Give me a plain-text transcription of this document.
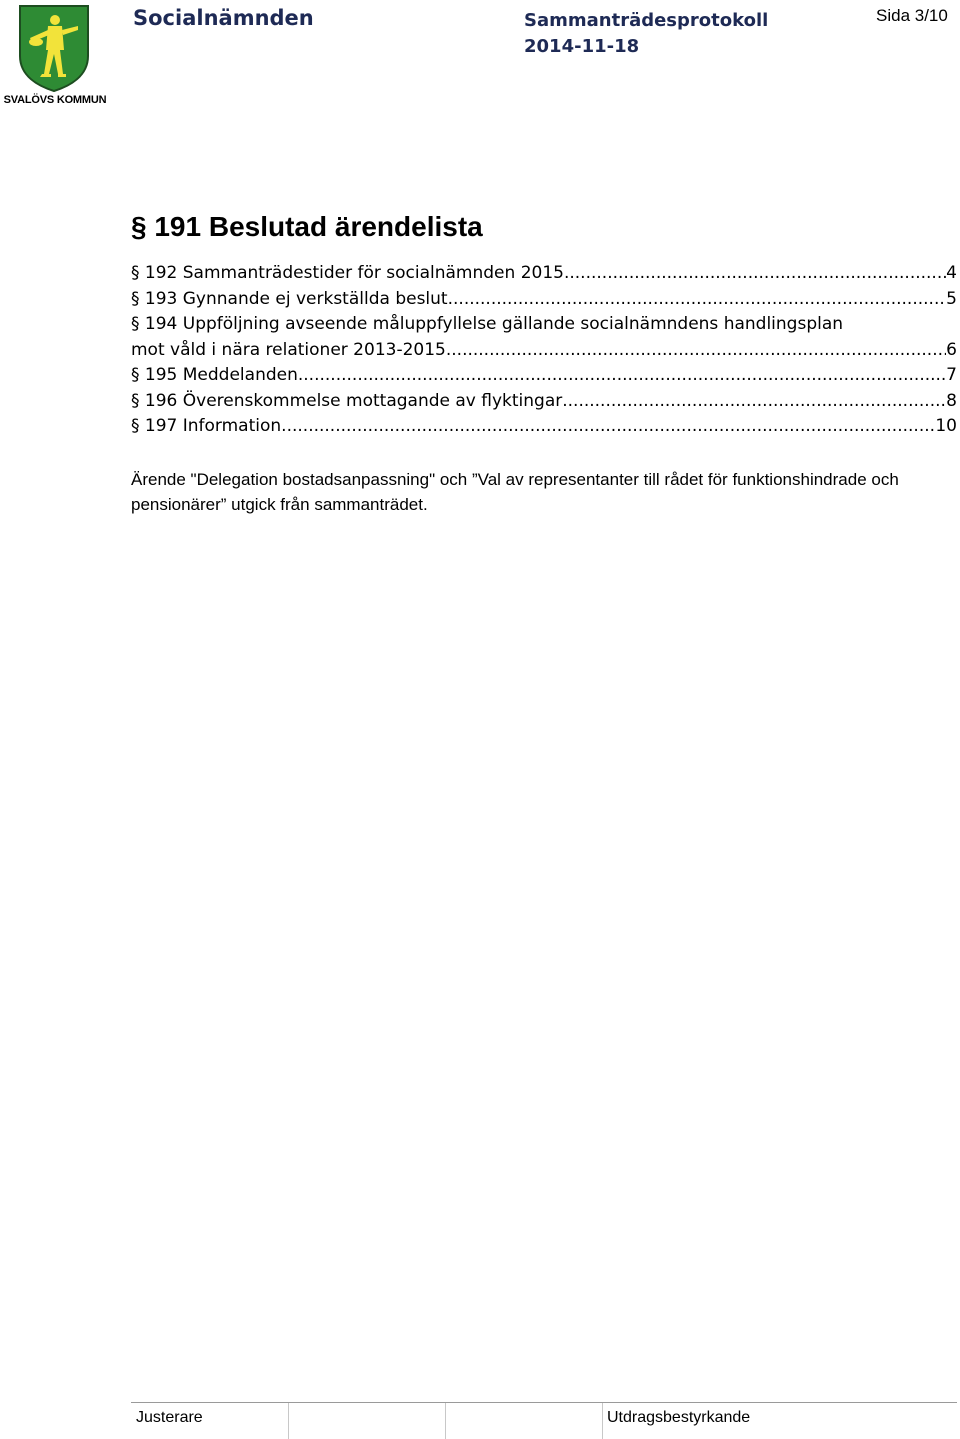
SVALÖVS KOMMUN
Socialnämnden	Sammanträdesprotokoll
2014-11-18
Sida 3/10
§ 191 Beslutad ärendelista
§ 192 Sammanträdestider för socialnämnden 2015 .....	4
§ 193 Gynnande ej verkställda beslut .....	5
§ 194 Uppföljning avseende måluppfyllelse gällande socialnämndens handlingsplan
mot våld i nära relationer 2013-2015 .....	6
§ 195 Meddelanden .....	7
§ 196 Överenskommelse mottagande av flyktingar .....	8
§ 197 Information .....	10
Ärende "Delegation bostadsanpassning" och ”Val av representanter till rådet för funktionshindrade och pensionärer” utgick från sammanträdet.
Justerare	Utdragsbestyrkande
